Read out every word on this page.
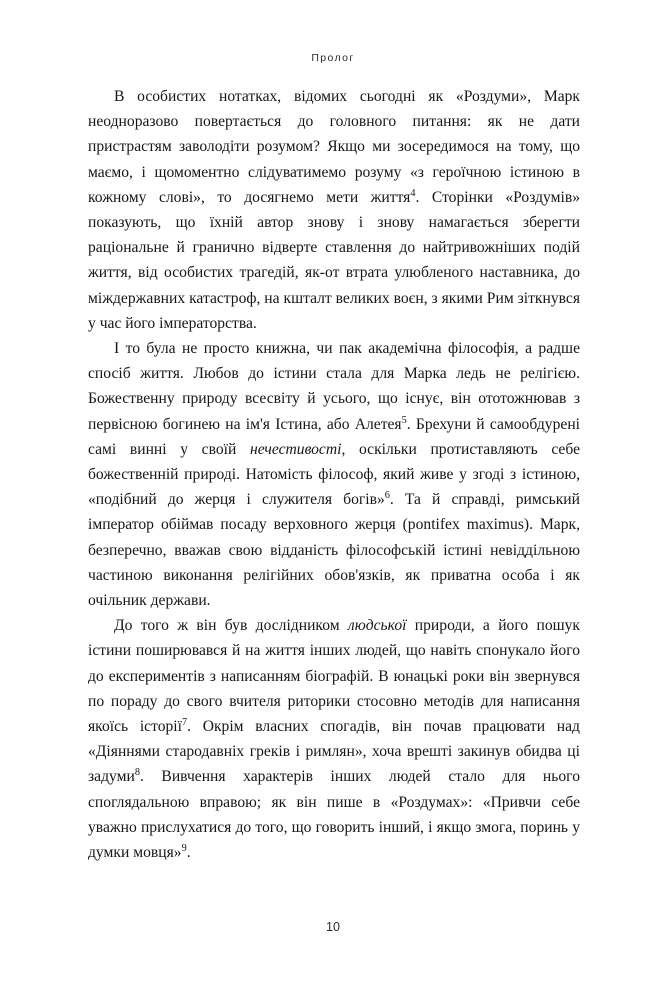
Пролог

В особистих нотатках, відомих сьогодні як «Роздуми», Марк неодноразово повертається до головного питання: як не дати пристрастям заволодіти розумом? Якщо ми зосередимося на тому, що маємо, і щомоментно слідуватимемо розуму «з героїчною істиною в кожному слові», то досягнемо мети життя$^4$. Сторінки «Роздумів» показують, що їхній автор знову і знову намагається зберегти раціональне й гранично відверте ставлення до найтривожніших подій життя, від особистих трагедій, як-от втрата улюбленого наставника, до міждержавних катастроф, на кшталт великих воєн, з якими Рим зіткнувся у час його імператорства.

І то була не просто книжна, чи пак академічна філософія, а радше спосіб життя. Любов до істини стала для Марка ледь не релігією. Божественну природу всесвіту й усього, що існує, він ототожнював з первісною богинею на ім'я Істина, або Алетея$^5$. Брехуни й самообдурені самі винні у своїй нечестивості, оскільки протиставляють себе божественній природі. Натомість філософ, який живе у згоді з істиною, «подібний до жерця і служителя богів»$^6$. Та й справді, римський імператор обіймав посаду верховного жерця (pontifex maximus). Марк, безперечно, вважав свою відданість філософській істині невіддільною частиною виконання релігійних обов'язків, як приватна особа і як очільник держави.

До того ж він був дослідником людської природи, а його пошук істини поширювався й на життя інших людей, що навіть спонукало його до експериментів з написанням біографій. В юнацькі роки він звернувся по пораду до свого вчителя риторики стосовно методів для написання якоїсь історії$^7$. Окрім власних спогадів, він почав працювати над «Діяннями стародавніх греків і римлян», хоча врешті закинув обидва ці задуми$^8$. Вивчення характерів інших людей стало для нього споглядальною вправою; як він пише в «Роздумах»: «Привчи себе уважно прислухатися до того, що говорить інший, і якщо змога, поринь у думки мовця»$^9$.

10
